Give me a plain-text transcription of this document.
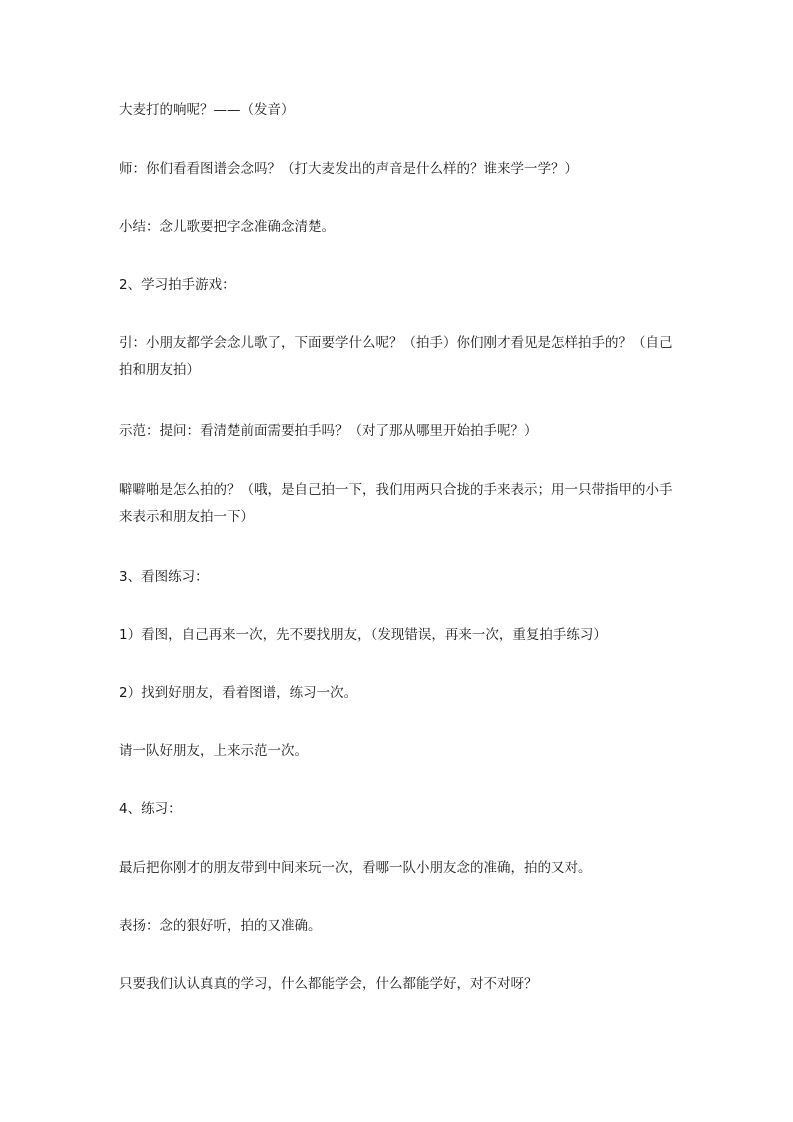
大麦打的响呢？——（发音）

师：你们看看图谱会念吗？（打大麦发出的声音是什么样的？谁来学一学？）

小结：念儿歌要把字念准确念清楚。

2、学习拍手游戏：

引：小朋友都学会念儿歌了，下面要学什么呢？（拍手）你们刚才看见是怎样拍手的？（自己拍和朋友拍）

示范：提问：看清楚前面需要拍手吗？（对了那从哪里开始拍手呢？）

噼噼啪是怎么拍的？（哦，是自己拍一下，我们用两只合拢的手来表示；用一只带指甲的小手来表示和朋友拍一下）

3、看图练习：

1）看图，自己再来一次，先不要找朋友，（发现错误，再来一次，重复拍手练习）

2）找到好朋友，看着图谱，练习一次。

请一队好朋友，上来示范一次。

4、练习：

最后把你刚才的朋友带到中间来玩一次，看哪一队小朋友念的准确，拍的又对。

表扬：念的狠好听，拍的又准确。

只要我们认认真真的学习，什么都能学会，什么都能学好，对不对呀？
